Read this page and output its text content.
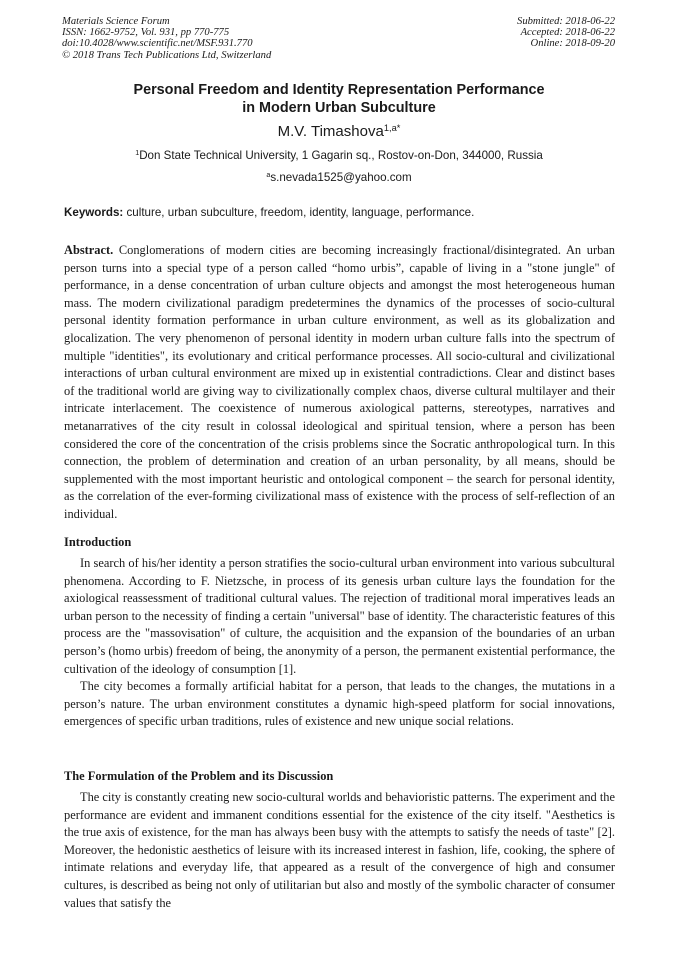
Materials Science Forum
ISSN: 1662-9752, Vol. 931, pp 770-775
doi:10.4028/www.scientific.net/MSF.931.770
© 2018 Trans Tech Publications Ltd, Switzerland
Submitted: 2018-06-22
Accepted: 2018-06-22
Online: 2018-09-20
Personal Freedom and Identity Representation Performance
in Modern Urban Subculture
M.V. Timashova$^{1,a*}$
$^1$Don State Technical University, 1 Gagarin sq., Rostov-on-Don, 344000, Russia
$^a$s.nevada1525@yahoo.com
Keywords: culture, urban subculture, freedom, identity, language, performance.

Abstract. Conglomerations of modern cities are becoming increasingly fractional/disintegrated. An urban person turns into a special type of a person called “homo urbis”, capable of living in a "stone jungle" of performance, in a dense concentration of urban culture objects and amongst the most heterogeneous human mass. The modern civilizational paradigm predetermines the dynamics of the processes of socio-cultural personal identity formation performance in urban culture environment, as well as its globalization and glocalization. The very phenomenon of personal identity in modern urban culture falls into the spectrum of multiple "identities", its evolutionary and critical performance processes. All socio-cultural and civilizational interactions of urban cultural environment are mixed up in existential contradictions. Clear and distinct bases of the traditional world are giving way to civilizationally complex chaos, diverse cultural multilayer and their intricate interlacement. The coexistence of numerous axiological patterns, stereotypes, narratives and metanarratives of the city result in colossal ideological and spiritual tension, where a person has been considered the core of the concentration of the crisis problems since the Socratic anthropological turn. In this connection, the problem of determination and creation of an urban personality, by all means, should be supplemented with the most important heuristic and ontological component – the search for personal identity, as the correlation of the ever-forming civilizational mass of existence with the process of self-reflection of an individual.

Introduction

In search of his/her identity a person stratifies the socio-cultural urban environment into various subcultural phenomena. According to F. Nietzsche, in process of its genesis urban culture lays the foundation for the axiological reassessment of traditional cultural values. The rejection of traditional moral imperatives leads an urban person to the necessity of finding a certain "universal" base of identity. The characteristic features of this process are the "massovisation" of culture, the acquisition and the expansion of the boundaries of an urban person’s (homo urbis) freedom of being, the anonymity of a person, the permanent existential performance, the cultivation of the ideology of consumption [1].

The city becomes a formally artificial habitat for a person, that leads to the changes, the mutations in a person’s nature. The urban environment constitutes a dynamic high-speed platform for social innovations, emergences of specific urban traditions, rules of existence and new unique social relations.

The Formulation of the Problem and its Discussion

The city is constantly creating new socio-cultural worlds and behavioristic patterns. The experiment and the performance are evident and immanent conditions essential for the existence of the city itself. "Aesthetics is the true axis of existence, for the man has always been busy with the attempts to satisfy the needs of taste" [2]. Moreover, the hedonistic aesthetics of leisure with its increased interest in fashion, life, cooking, the sphere of intimate relations and everyday life, that appeared as a result of the convergence of high and consumer cultures, is described as being not only of utilitarian but also and mostly of the symbolic character of consumer values that satisfy the
